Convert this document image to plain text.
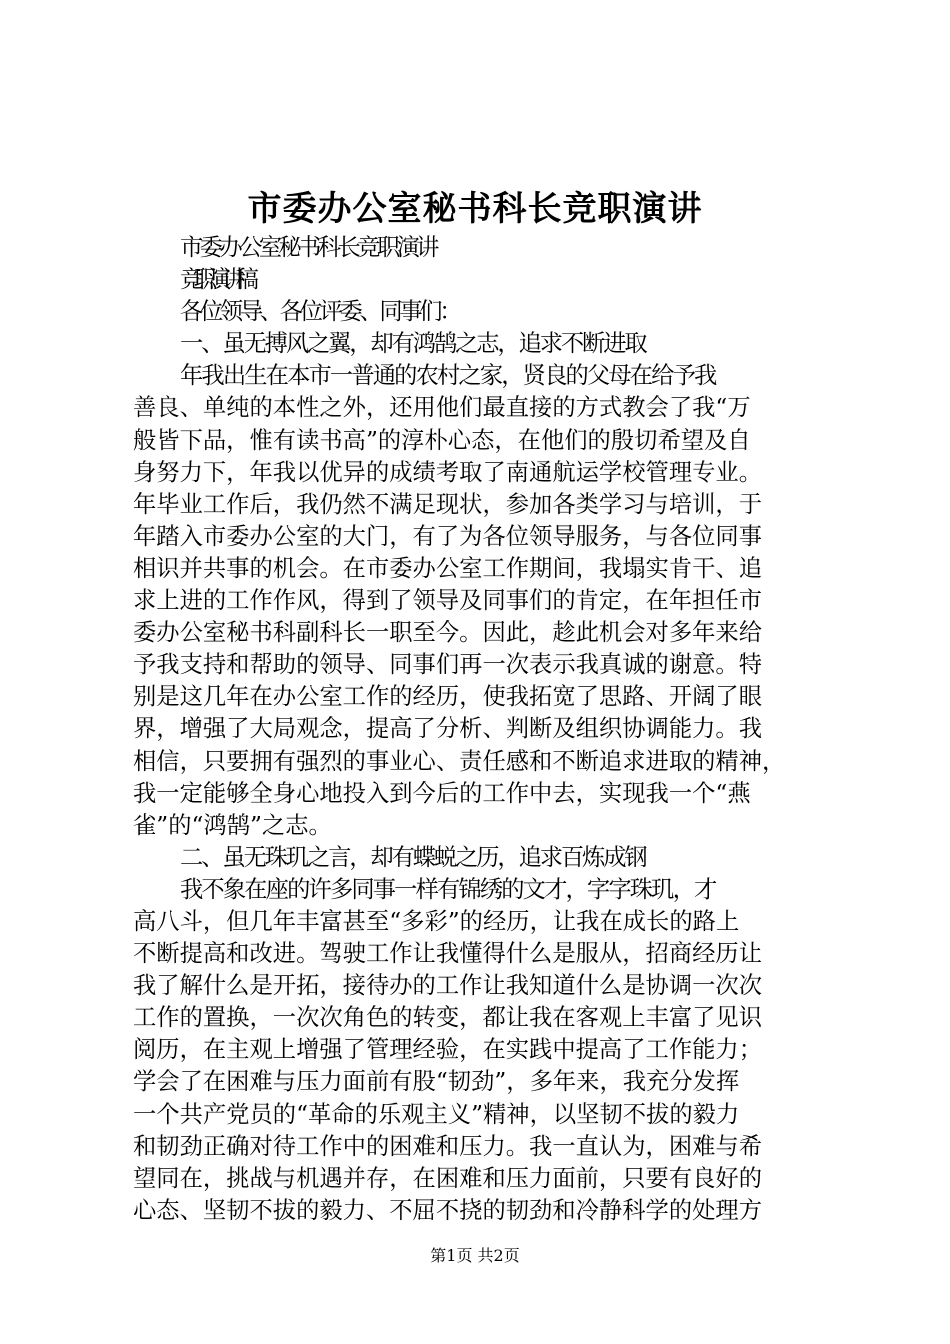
市委办公室秘书科长竞职演讲
市委办公室秘书科长竞职演讲
竞职演讲稿
各位领导、各位评委、同事们：
一、虽无搏风之翼，却有鸿鹄之志，追求不断进取
年我出生在本市一普通的农村之家，贤良的父母在给予我
善良、单纯的本性之外，还用他们最直接的方式教会了我“万
般皆下品，惟有读书高”的淳朴心态，在他们的殷切希望及自
身努力下，年我以优异的成绩考取了南通航运学校管理专业。
年毕业工作后，我仍然不满足现状，参加各类学习与培训，于
年踏入市委办公室的大门，有了为各位领导服务，与各位同事
相识并共事的机会。在市委办公室工作期间，我塌实肯干、追
求上进的工作作风，得到了领导及同事们的肯定，在年担任市
委办公室秘书科副科长一职至今。因此，趁此机会对多年来给
予我支持和帮助的领导、同事们再一次表示我真诚的谢意。特
别是这几年在办公室工作的经历，使我拓宽了思路、开阔了眼
界，增强了大局观念，提高了分析、判断及组织协调能力。我
相信，只要拥有强烈的事业心、责任感和不断追求进取的精神，
我一定能够全身心地投入到今后的工作中去，实现我一个“燕
雀”的“鸿鹄”之志。
二、虽无珠玑之言，却有蝶蜕之历，追求百炼成钢
我不象在座的许多同事一样有锦绣的文才，字字珠玑，才
高八斗，但几年丰富甚至“多彩”的经历，让我在成长的路上
不断提高和改进。驾驶工作让我懂得什么是服从，招商经历让
我了解什么是开拓，接待办的工作让我知道什么是协调一次次
工作的置换，一次次角色的转变，都让我在客观上丰富了见识
阅历，在主观上增强了管理经验，在实践中提高了工作能力；
学会了在困难与压力面前有股“韧劲”，多年来，我充分发挥
一个共产党员的“革命的乐观主义”精神，以坚韧不拔的毅力
和韧劲正确对待工作中的困难和压力。我一直认为，困难与希
望同在，挑战与机遇并存，在困难和压力面前，只要有良好的
心态、坚韧不拔的毅力、不屈不挠的韧劲和冷静科学的处理方
第1页 共2页
